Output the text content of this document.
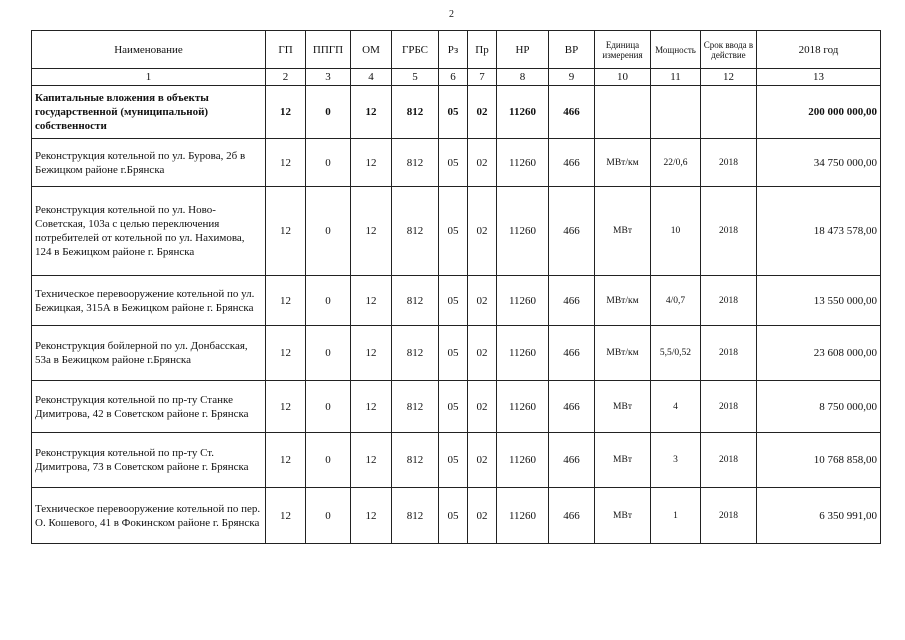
2
Наименование	ГП	ППГП	ОМ	ГРБС	Рз	Пр	НР	ВР	Единица измерения	Мощность	Срок ввода в действие	2018 год
1	2	3	4	5	6	7	8	9	10	11	12	13
Капитальные вложения в объекты государственной (муниципальной) собственности	12	0	12	812	05	02	11260	466				200 000 000,00
Реконструкция котельной по ул. Бурова, 2б в Бежицком районе г.Брянска	12	0	12	812	05	02	11260	466	МВт/км	22/0,6	2018	34 750 000,00
Реконструкция котельной по ул. Ново-Советская, 103а с целью переключения потребителей от котельной по ул. Нахимова, 124 в Бежицком районе г. Брянска	12	0	12	812	05	02	11260	466	МВт	10	2018	18 473 578,00
Техническое перевооружение котельной по ул. Бежицкая, 315А в Бежицком районе г. Брянска	12	0	12	812	05	02	11260	466	МВт/км	4/0,7	2018	13 550 000,00
Реконструкция бойлерной по ул. Донбасская, 53а в Бежицком районе г.Брянска	12	0	12	812	05	02	11260	466	МВт/км	5,5/0,52	2018	23 608 000,00
Реконструкция котельной по пр-ту Станке Димитрова, 42 в Советском районе г. Брянска	12	0	12	812	05	02	11260	466	МВт	4	2018	8 750 000,00
Реконструкция котельной по пр-ту Ст. Димитрова, 73 в Советском районе г. Брянска	12	0	12	812	05	02	11260	466	МВт	3	2018	10 768 858,00
Техническое перевооружение котельной по пер. О. Кошевого, 41 в Фокинском районе г. Брянска	12	0	12	812	05	02	11260	466	МВт	1	2018	6 350 991,00
